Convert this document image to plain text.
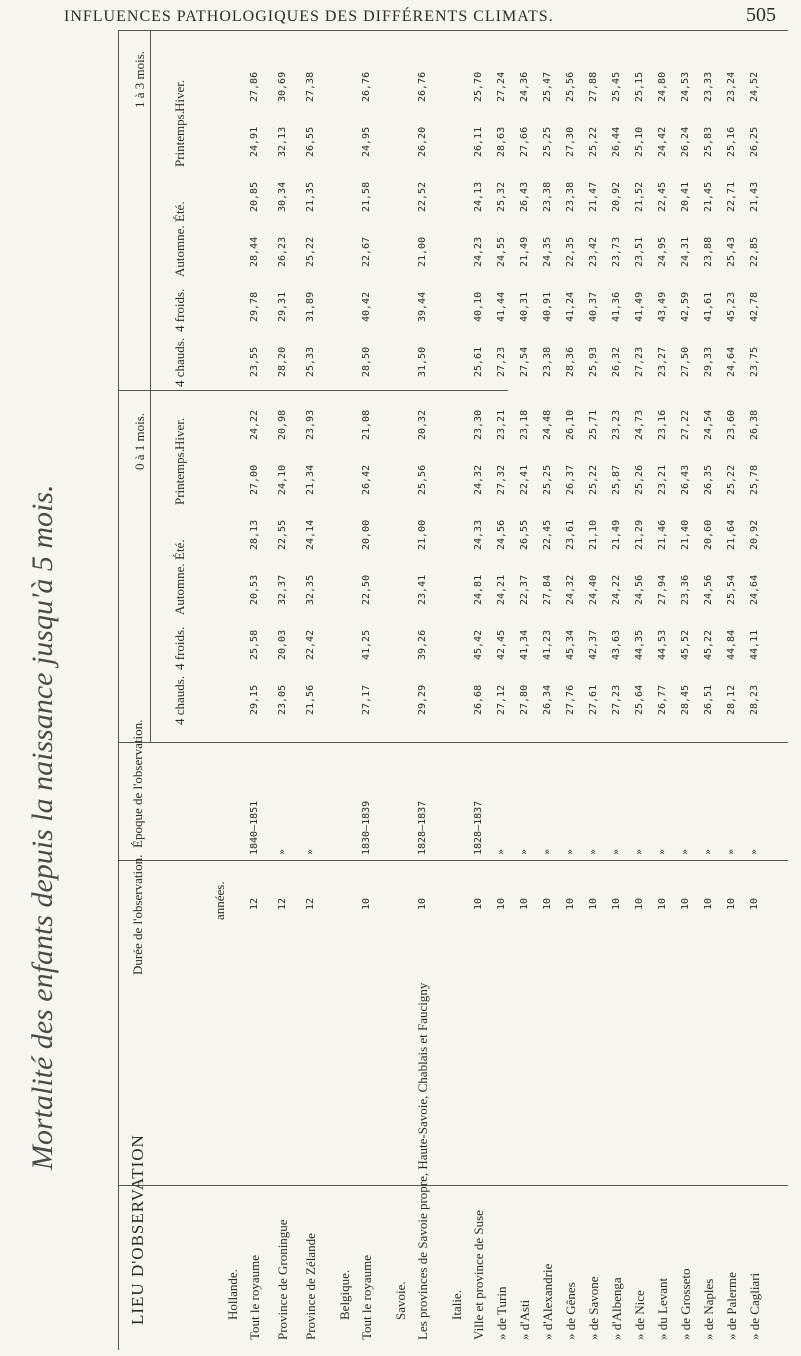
INFLUENCES PATHOLOGIQUES DES DIFFÉRENTS CLIMATS.	505
Mortalité des enfants depuis la naissance jusqu'à 5 mois.
1 à 3 mois.
0 à 1 mois.
Hiver.
Printemps.
Été.
Automne.
4 froids.
4 chauds.
Hiver.
Printemps.
Été.
Automne.
4 froids.
4 chauds.
Époque de l'observation.
Durée de l'observation.
LIEU D'OBSERVATION
années.
Hollande. Tout le royaume
12
1840—1851
24,22
27,00
28,13
20,53
25,58
29,15
27,86
24,91
20,85
28,44
29,78
23,55
Province de Groningue
12
»
20,98
24,10
22,55
32,37
20,03
23,05
30,69
32,13
30,34
26,23
29,31
28,20
Province de Zélande
12
»
23,93
21,34
24,14
32,35
22,42
21,56
27,38
26,55
21,35
25,22
31,89
25,33
Belgique. Tout le royaume
10
1830—1839
21,08
26,42
20,00
22,50
41,25
27,17
26,76
24,95
21,58
22,67
40,42
28,50
Savoie. Les provinces de Savoie propre, Haute-Savoie, Chablais et Faucigny
10
1828—1837
20,32
25,56
21,00
23,41
39,26
29,29
26,76
26,20
22,52
21,00
39,44
31,50
Italie. Ville et province de Suse
10
1828—1837
23,30
24,32
24,33
24,81
45,42
26,68
25,70
26,11
24,13
24,23
40,10
25,61
» de Turin
10
»
23,21
27,32
24,56
24,21
42,45
27,12
27,24
28,63
25,32
24,55
41,44
27,23
» d'Asti
10
»
23,18
22,41
26,55
22,37
41,34
27,80
24,36
27,66
26,43
21,49
40,31
27,54
» d'Alexandrie
10
»
24,48
25,25
22,45
27,84
41,23
26,34
25,47
25,25
23,38
24,35
40,91
23,38
» de Gênes
10
»
26,10
26,37
23,61
24,32
45,34
27,76
25,56
27,30
23,38
22,35
41,24
28,36
» de Savone
10
»
25,71
25,22
21,10
24,40
42,37
27,61
27,88
25,22
21,47
23,42
40,37
25,93
» d'Albenga
10
»
23,23
25,87
21,49
24,22
43,63
27,23
25,45
26,44
20,92
23,73
41,36
26,32
» de Nice
10
»
24,73
25,26
21,29
24,56
44,35
25,64
25,15
25,10
21,52
23,51
41,49
27,23
» du Levant
10
»
23,16
23,21
21,46
27,94
44,53
26,77
24,80
24,42
22,45
24,95
43,49
23,27
» de Grosseto
10
»
27,22
26,43
21,40
23,36
45,52
28,45
24,53
26,24
20,41
24,31
42,59
27,50
» de Naples
10
»
24,54
26,35
20,60
24,56
45,22
26,51
23,33
25,83
21,45
23,88
41,61
29,33
» de Palerme
10
»
23,60
25,22
21,64
25,54
44,84
28,12
23,24
25,16
22,71
25,43
45,23
24,64
» de Cagliari
10
»
26,38
25,78
20,92
24,64
44,11
28,23
24,52
26,25
21,43
22,85
42,78
23,75
